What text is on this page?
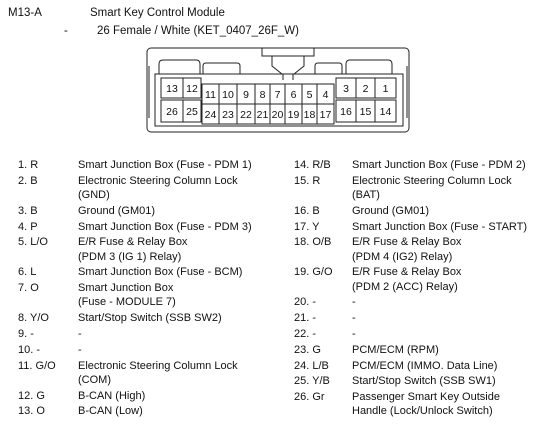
M13-A	Smart Key Control Module
-	26 Female / White (KET_0407_26F_W)
13 12 11 10 9 8 7 6 5 4 3 2 1
26 25 24 23 22 21 20 19 18 17 16 15 14
1. R	Smart Junction Box (Fuse - PDM 1)
2. B	Electronic Steering Column Lock
(GND)
3. B	Ground (GM01)
4. P	Smart Junction Box (Fuse - PDM 3)
5. L/O	E/R Fuse & Relay Box
(PDM 3 (IG 1) Relay)
6. L	Smart Junction Box (Fuse - BCM)
7. O	Smart Junction Box
(Fuse - MODULE 7)
8. Y/O	Start/Stop Switch (SSB SW2)
9. -	-
10. -	-
11. G/O Electronic Steering Column Lock
(COM)
12. G	B-CAN (High)
13. O	B-CAN (Low)
14. R/B Smart Junction Box (Fuse - PDM 2)
15. R	Electronic Steering Column Lock
(BAT)
16. B	Ground (GM01)
17. Y	Smart Junction Box (Fuse - START)
18. O/B E/R Fuse & Relay Box
(PDM 4 (IG2) Relay)
19. G/O E/R Fuse & Relay Box
(PDM 2 (ACC) Relay)
20. -	-
21. -	-
22. -	-
23. G	PCM/ECM (RPM)
24. L/B PCM/ECM (IMMO. Data Line)
25. Y/B Start/Stop Switch (SSB SW1)
26. Gr Passenger Smart Key Outside
Handle (Lock/Unlock Switch)
